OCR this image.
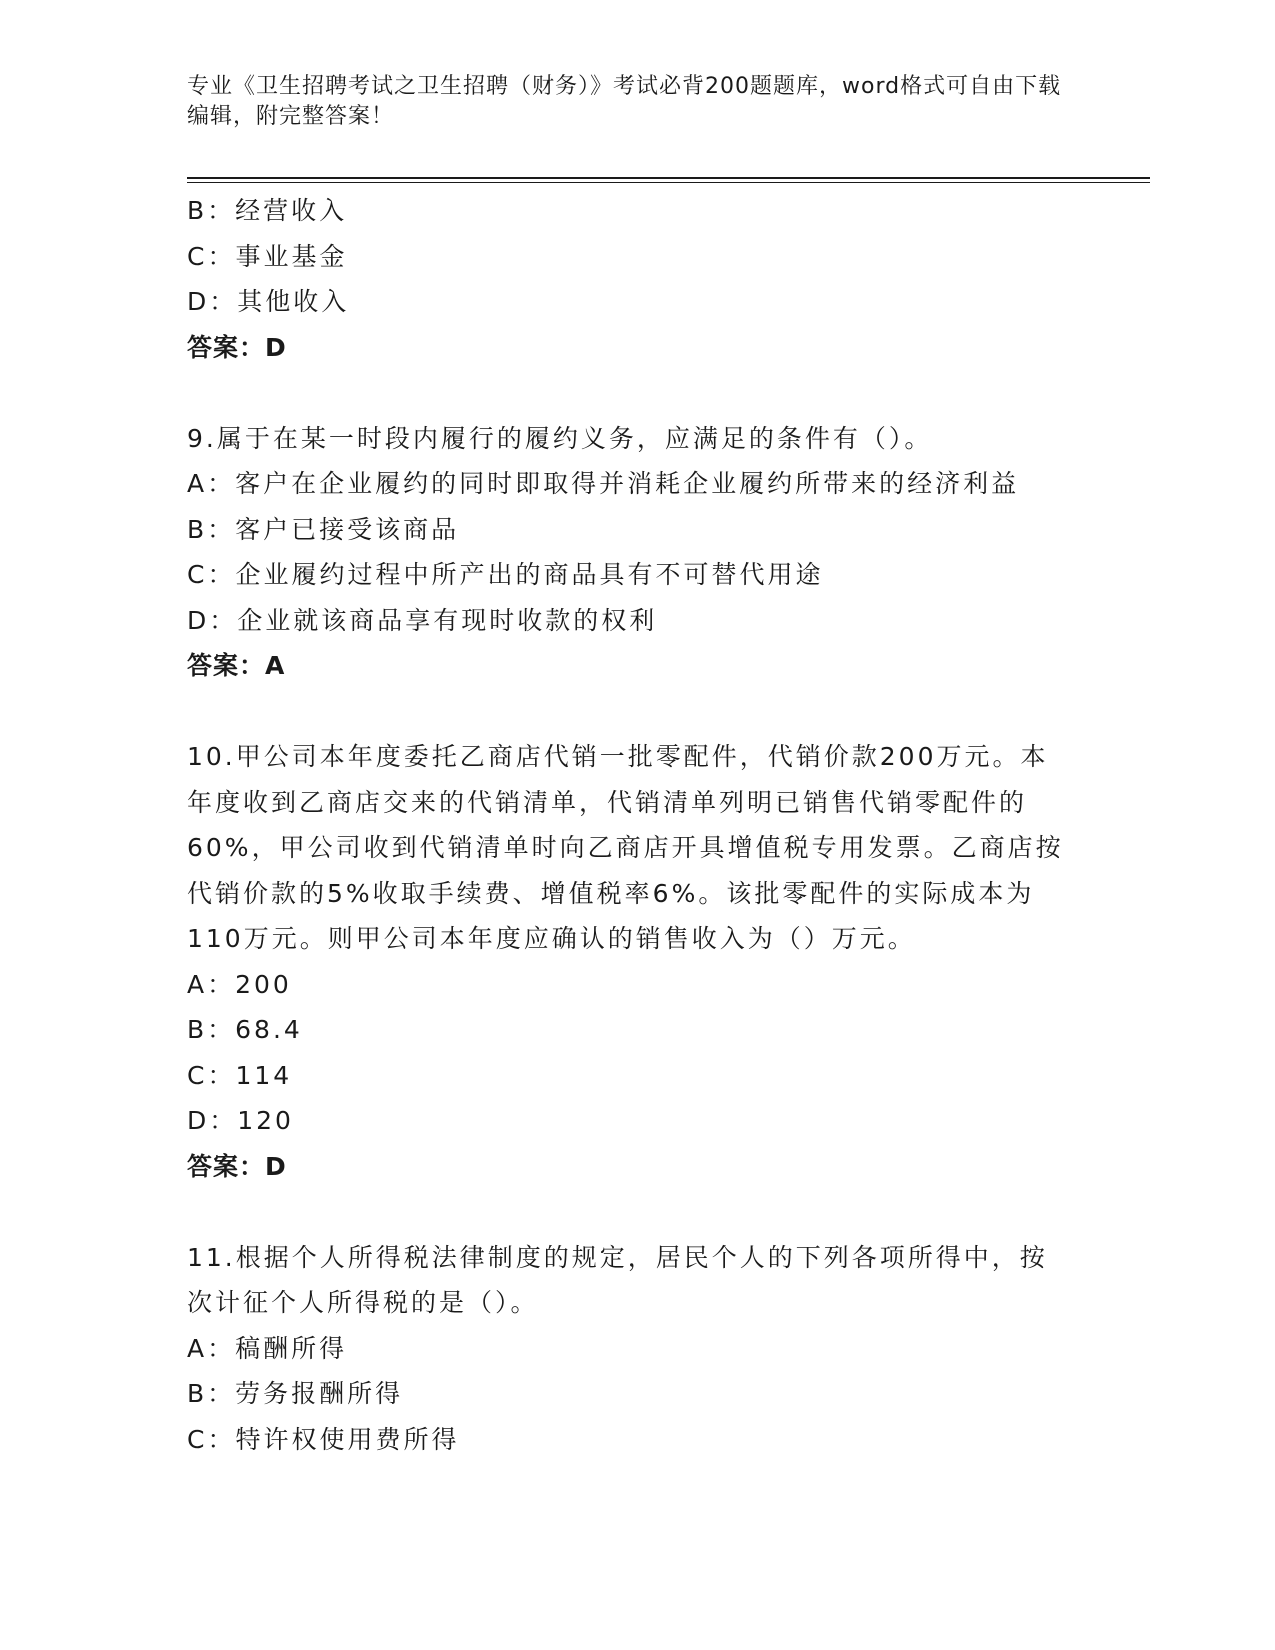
专业《卫生招聘考试之卫生招聘（财务）》考试必背200题题库，word格式可自由下载编辑，附完整答案！
B：经营收入
C：事业基金
D：其他收入
答案：D
9.属于在某一时段内履行的履约义务，应满足的条件有（）。
A：客户在企业履约的同时即取得并消耗企业履约所带来的经济利益
B：客户已接受该商品
C：企业履约过程中所产出的商品具有不可替代用途
D：企业就该商品享有现时收款的权利
答案：A
10.甲公司本年度委托乙商店代销一批零配件，代销价款200万元。本
年度收到乙商店交来的代销清单，代销清单列明已销售代销零配件的
60%，甲公司收到代销清单时向乙商店开具增值税专用发票。乙商店按
代销价款的5%收取手续费、增值税率6%。该批零配件的实际成本为
110万元。则甲公司本年度应确认的销售收入为（）万元。
A：200
B：68.4
C：114
D：120
答案：D
11.根据个人所得税法律制度的规定，居民个人的下列各项所得中，按
次计征个人所得税的是（）。
A：稿酬所得
B：劳务报酬所得
C：特许权使用费所得
